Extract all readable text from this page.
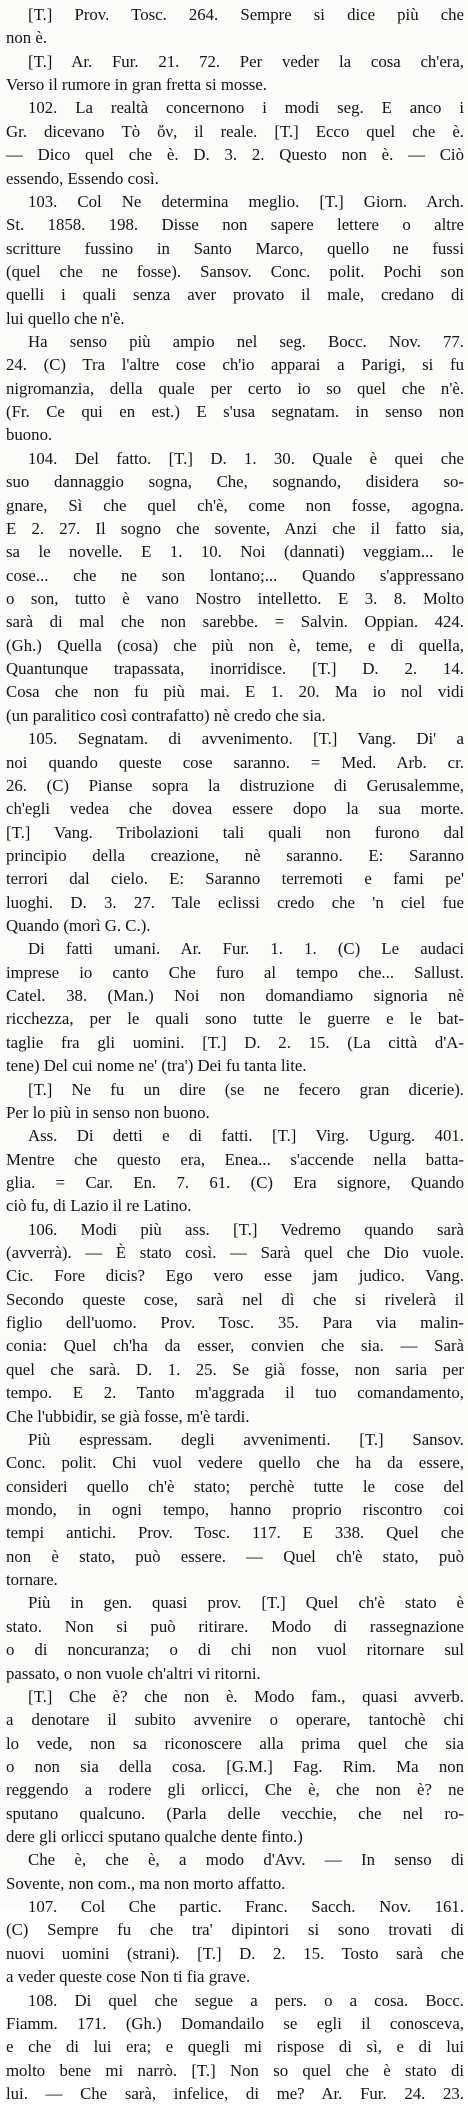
[T.] Prov. Tosc. 264. Sempre si dice più che
non è.
[T.] Ar. Fur. 21. 72. Per veder la cosa ch'era,
Verso il rumore in gran fretta si mosse.
102. La realtà concernono i modi seg. E anco i
Gr. dicevano Τὸ ὄν, il reale. [T.] Ecco quel che è.
— Dico quel che è. D. 3. 2. Questo non è. — Ciò
essendo, Essendo così.
103. Col Ne determina meglio. [T.] Giorn. Arch.
St. 1858. 198. Disse non sapere lettere o altre
scritture fussino in Santo Marco, quello ne fussi
(quel che ne fosse). Sansov. Conc. polit. Pochi son
quelli i quali senza aver provato il male, credano di
lui quello che n'è.
Ha senso più ampio nel seg. Bocc. Nov. 77.
24. (C) Tra l'altre cose ch'io apparai a Parigi, si fu
nigromanzia, della quale per certo io so quel che n'è.
(Fr. Ce qui en est.) E s'usa segnatam. in senso non
buono.
104. Del fatto. [T.] D. 1. 30. Quale è quei che
suo dannaggio sogna, Che, sognando, disidera so-
gnare, Sì che quel ch'è, come non fosse, agogna.
E 2. 27. Il sogno che sovente, Anzi che il fatto sia,
sa le novelle. E 1. 10. Noi (dannati) veggiam... le
cose... che ne son lontano;... Quando s'appressano
o son, tutto è vano Nostro intelletto. E 3. 8. Molto
sarà di mal che non sarebbe. = Salvin. Oppian. 424.
(Gh.) Quella (cosa) che più non è, teme, e di quella,
Quantunque trapassata, inorridisce. [T.] D. 2. 14.
Cosa che non fu più mai. E 1. 20. Ma io nol vidi
(un paralitico così contrafatto) nè credo che sia.
105. Segnatam. di avvenimento. [T.] Vang. Di' a
noi quando queste cose saranno. = Med. Arb. cr.
26. (C) Pianse sopra la distruzione di Gerusalemme,
ch'egli vedea che dovea essere dopo la sua morte.
[T.] Vang. Tribolazioni tali quali non furono dal
principio della creazione, nè saranno. E: Saranno
terrori dal cielo. E: Saranno terremoti e fami pe'
luoghi. D. 3. 27. Tale eclissi credo che 'n ciel fue
Quando (morì G. C.).
Di fatti umani. Ar. Fur. 1. 1. (C) Le audaci
imprese io canto Che furo al tempo che... Sallust.
Catel. 38. (Man.) Noi non domandiamo signoria nè
ricchezza, per le quali sono tutte le guerre e le bat-
taglie fra gli uomini. [T.] D. 2. 15. (La città d'A-
tene) Del cui nome ne' (tra') Dei fu tanta lite.
[T.] Ne fu un dire (se ne fecero gran dicerie).
Per lo più in senso non buono.
Ass. Di detti e di fatti. [T.] Virg. Ugurg. 401.
Mentre che questo era, Enea... s'accende nella batta-
glia. = Car. En. 7. 61. (C) Era signore, Quando
ciò fu, di Lazio il re Latino.
106. Modi più ass. [T.] Vedremo quando sarà
(avverrà). — È stato così. — Sarà quel che Dio vuole.
Cic. Fore dicis? Ego vero esse jam judico. Vang.
Secondo queste cose, sarà nel dì che si rivelerà il
figlio dell'uomo. Prov. Tosc. 35. Para via malin-
conia: Quel ch'ha da esser, convien che sia. — Sarà
quel che sarà. D. 1. 25. Se già fosse, non saria per
tempo. E 2. Tanto m'aggrada il tuo comandamento,
Che l'ubbidir, se già fosse, m'è tardi.
Più espressam. degli avvenimenti. [T.] Sansov.
Conc. polit. Chi vuol vedere quello che ha da essere,
consideri quello ch'è stato; perchè tutte le cose del
mondo, in ogni tempo, hanno proprio riscontro coi
tempi antichi. Prov. Tosc. 117. E 338. Quel che
non è stato, può essere. — Quel ch'è stato, può
tornare.
Più in gen. quasi prov. [T.] Quel ch'è stato è
stato. Non si può ritirare. Modo di rassegnazione
o di noncuranza; o di chi non vuol ritornare sul
passato, o non vuole ch'altri vi ritorni.
[T.] Che è? che non è. Modo fam., quasi avverb.
a denotare il subito avvenire o operare, tantochè chi
lo vede, non sa riconoscere alla prima quel che sia
o non sia della cosa. [G.M.] Fag. Rim. Ma non
reggendo a rodere gli orlicci, Che è, che non è? ne
sputano qualcuno. (Parla delle vecchie, che nel ro-
dere gli orlicci sputano qualche dente finto.)
Che è, che è, a modo d'Avv. — In senso di
Sovente, non com., ma non morto affatto.
107. Col Che partic. Franc. Sacch. Nov. 161.
(C) Sempre fu che tra' dipintori si sono trovati di
nuovi uomini (strani). [T.] D. 2. 15. Tosto sarà che
a veder queste cose Non ti fia grave.
108. Di quel che segue a pers. o a cosa. Bocc.
Fiamm. 171. (Gh.) Domandailo se egli il conosceva,
e che di lui era; e quegli mi rispose di sì, e di lui
molto bene mi narrò. [T.] Non so quel che è stato di
lui. — Che sarà, infelice, di me? Ar. Fur. 24. 23.
